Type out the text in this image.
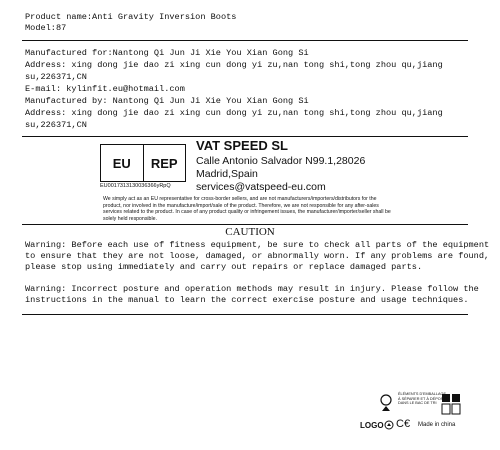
Product name:Anti Gravity Inversion Boots
Model:87
Manufactured for:Nantong Qi Jun Ji Xie You Xian Gong Si
Address: xing dong jie dao zi xing cun dong yi zu,nan tong shi,tong zhou qu,jiang
su,226371,CN
E-mail: kylinfit.eu@hotmail.com
Manufactured by: Nantong Qi Jun Ji Xie You Xian Gong Si
Address: xing dong jie dao zi xing cun dong yi zu,nan tong shi,tong zhou qu,jiang
su,226371,CN
EU	REP
EU0017313130036366yRpQ
VAT SPEED SL
Calle Antonio Salvador N99.1,28026
Madrid,Spain
services@vatspeed-eu.com
We simply act as an EU representative for cross-border sellers, and are not manufacturers/importers/distributors for the product, nor involved in the manufacture/import/sale of the product. Therefore, we are not responsible for any after-sales services related to the product. In case of any product quality or infringement issues, the manufacturer/importer/seller shall be solely held responsible.
CAUTION
Warning: Before each use of fitness equipment, be sure to check all parts of the equipment
to ensure that they are not loose, damaged, or abnormally worn. If any problems are found,
please stop using immediately and carry out repairs or replace damaged parts.
Warning: Incorrect posture and operation methods may result in injury. Please follow the
instructions in the manual to learn the correct exercise posture and usage techniques.
ÉLÉMENTS D'EMBALLAGE
À SÉPARER ET À DÉPOSER
DANS LE BAC DE TRI
LOGO C€ Made in china
